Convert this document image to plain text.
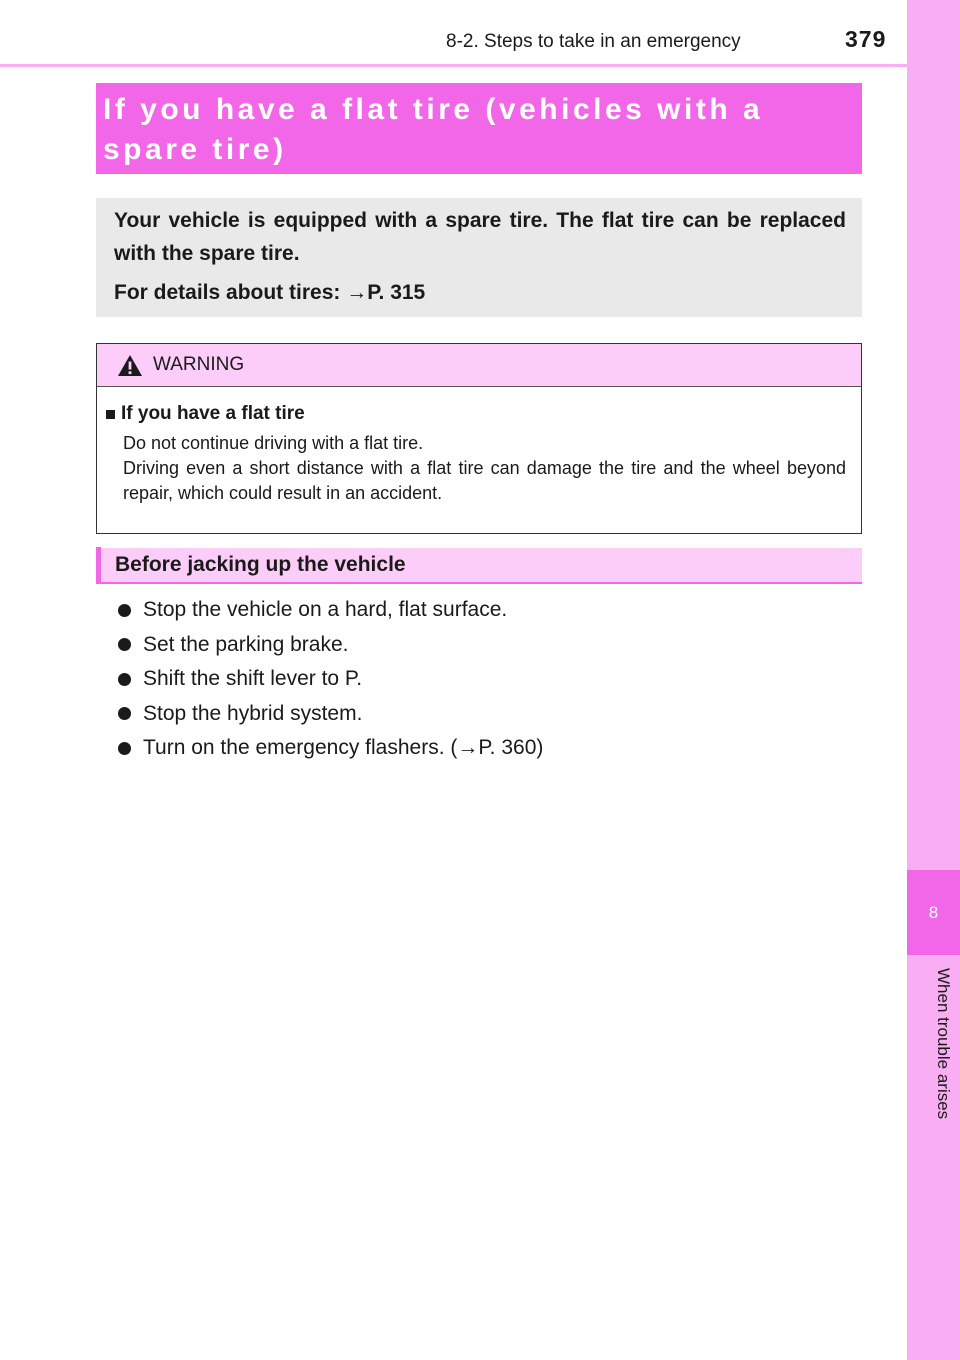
8
When trouble arises
8-2. Steps to take in an emergency	379
If you have a flat tire (vehicles with a spare tire)

Your vehicle is equipped with a spare tire. The flat tire can be replaced with the spare tire.

For details about tires: →P. 315

WARNING
If you have a flat tire

Do not continue driving with a flat tire.

Driving even a short distance with a flat tire can damage the tire and the wheel beyond repair, which could result in an accident.

Before jacking up the vehicle
Stop the vehicle on a hard, flat surface.
Set the parking brake.
Shift the shift lever to P.
Stop the hybrid system.
Turn on the emergency flashers. (→P. 360)
